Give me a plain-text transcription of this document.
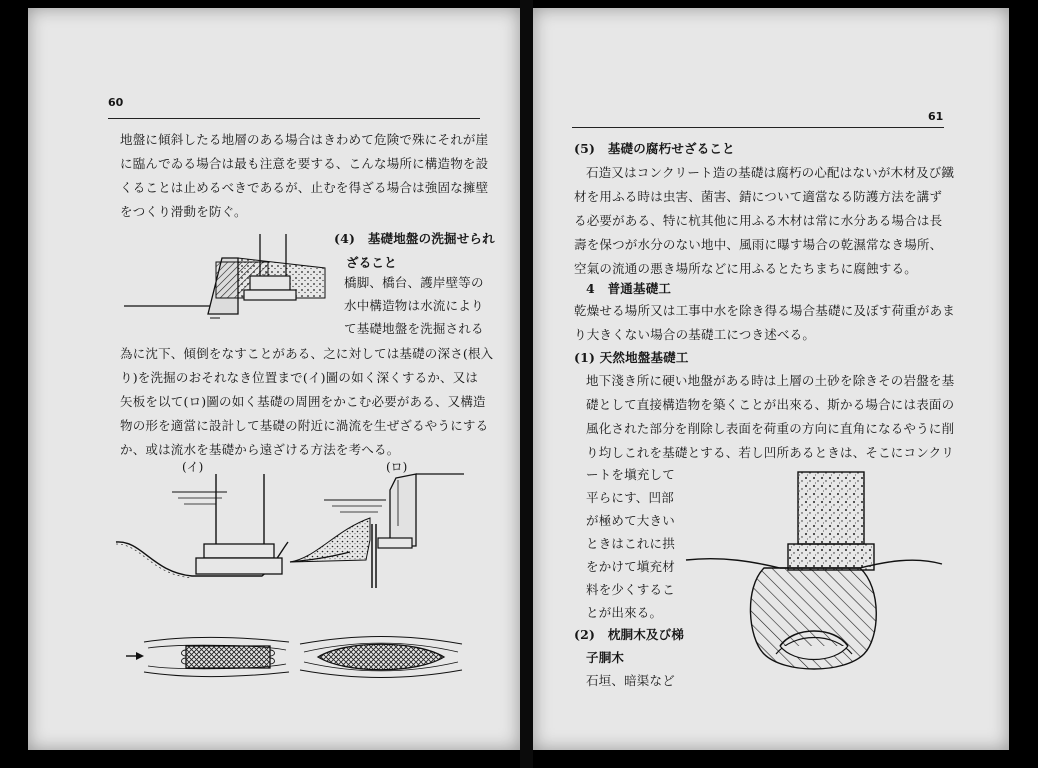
60
地盤に傾斜したる地層のある場合はきわめて危険で殊にそれが崖
に臨んでゐる場合は最も注意を要する、こんな場所に構造物を設
くることは止めるべきであるが、止むを得ざる場合は強固な擁壁
をつくり滑動を防ぐ。
(4)　基礎地盤の洗掘せられ
ざること
橋脚、橋台、護岸壁等の
水中構造物は水流により
て基礎地盤を洗掘される
為に沈下、傾倒をなすことがある、之に対しては基礎の深さ(根入
り)を洗掘のおそれなき位置まで(イ)圖の如く深くするか、又は
矢板を以て(ロ)圖の如く基礎の周囲をかこむ必要がある、又構造
物の形を適當に設計して基礎の附近に渦流を生ぜざるやうにする
か、或は流水を基礎から遠ざける方法を考へる。
(イ)	(ロ)
61
(5)　基礎の腐朽せざること
石造又はコンクリート造の基礎は腐朽の心配はないが木材及び鐵
材を用ふる時は虫害、菌害、錆について適當なる防護方法を講ず
る必要がある、特に杭其他に用ふる木材は常に水分ある場合は長
壽を保つが水分のない地中、風雨に曝す場合の乾濕常なき場所、
空氣の流通の悪き場所などに用ふるとたちまちに腐蝕する。
4　普通基礎工
乾燥せる場所又は工事中水を除き得る場合基礎に及ぼす荷重があま
り大きくない場合の基礎工につき述べる。
(1) 天然地盤基礎工
地下淺き所に硬い地盤がある時は上層の土砂を除きその岩盤を基
礎として直接構造物を築くことが出來る、斯かる場合には表面の
風化された部分を削除し表面を荷重の方向に直角になるやうに削
り均しこれを基礎とする、若し凹所あるときは、そこにコンクリ
ートを塡充して
平らにす、凹部
が極めて大きい
ときはこれに拱
をかけて塡充材
料を少くするこ
とが出來る。
(2)　枕胴木及び梯
子胴木
石垣、暗渠など
